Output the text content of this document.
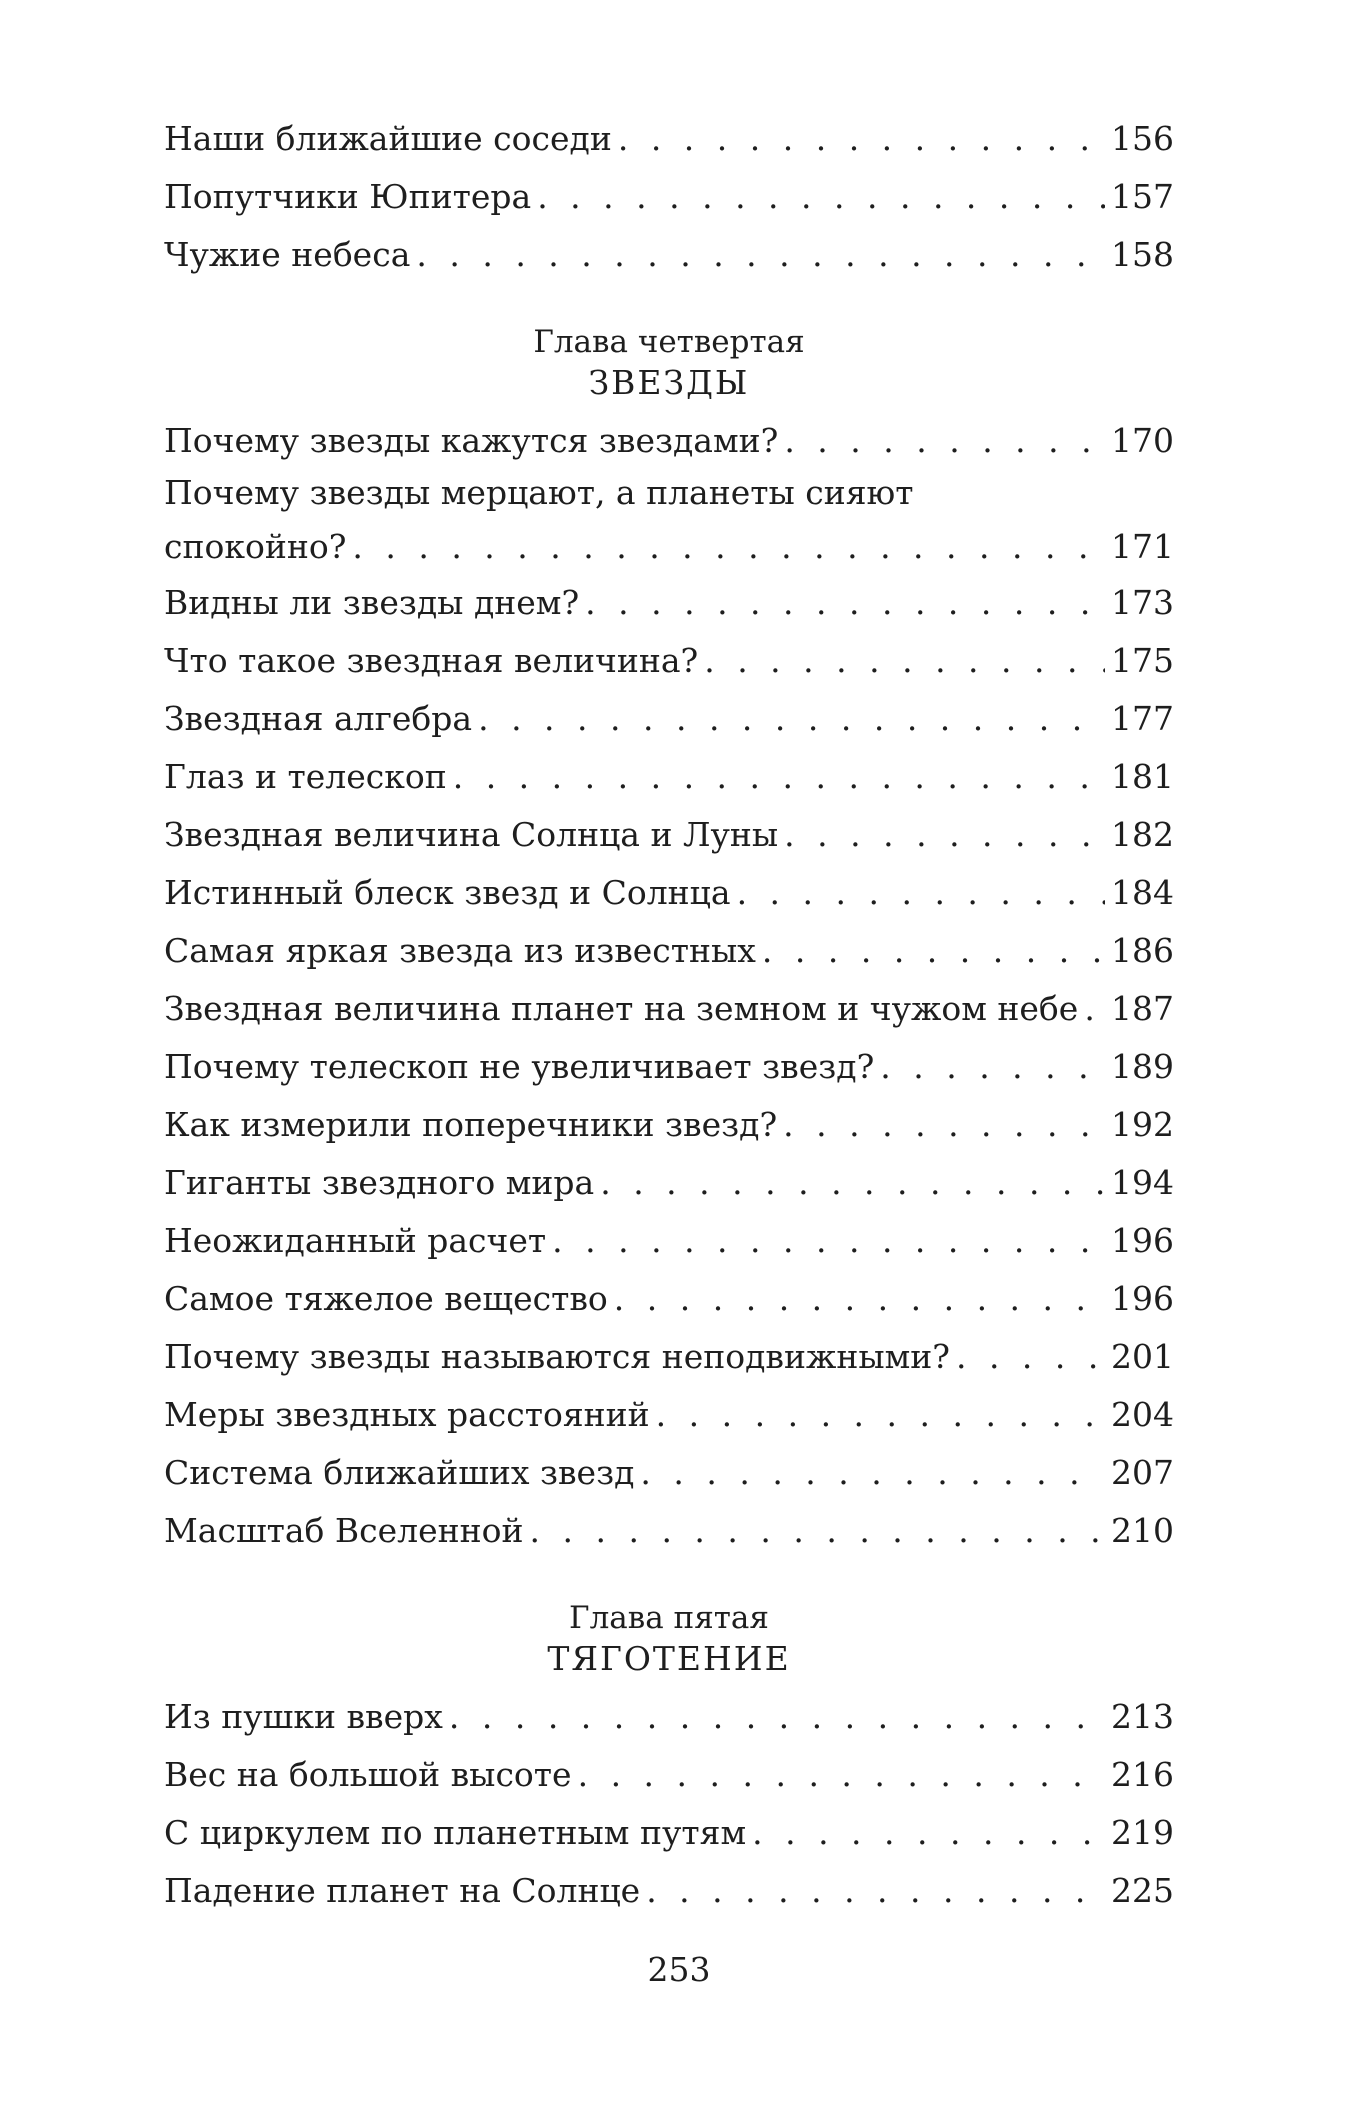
Наши ближайшие соседи . . .	156
Попутчики Юпитера . . .	157
Чужие небеса . . .	158
Глава четвертая
ЗВЕЗДЫ
Почему звезды кажутся звездами? . . .	170
Почему звезды мерцают, а планеты сияют
спокойно? . . .	171
Видны ли звезды днем? . . .	173
Что такое звездная величина? . . .	175
Звездная алгебра . . .	177
Глаз и телескоп . . .	181
Звездная величина Солнца и Луны . . .	182
Истинный блеск звезд и Солнца . . .	184
Самая яркая звезда из известных . . .	186
Звездная величина планет на земном и чужом небе . . . 187
Почему телескоп не увеличивает звезд? . . .	189
Как измерили поперечники звезд? . . .	192
Гиганты звездного мира . . .	194
Неожиданный расчет . . .	196
Самое тяжелое вещество . . .	196
Почему звезды называются неподвижными? . . .	201
Меры звездных расстояний . . .	204
Система ближайших звезд . . .	207
Масштаб Вселенной . . .	210
Глава пятая
ТЯГОТЕНИЕ
Из пушки вверх . . .	213
Вес на большой высоте . . .	216
С циркулем по планетным путям . . .	219
Падение планет на Солнце . . .	225
253
